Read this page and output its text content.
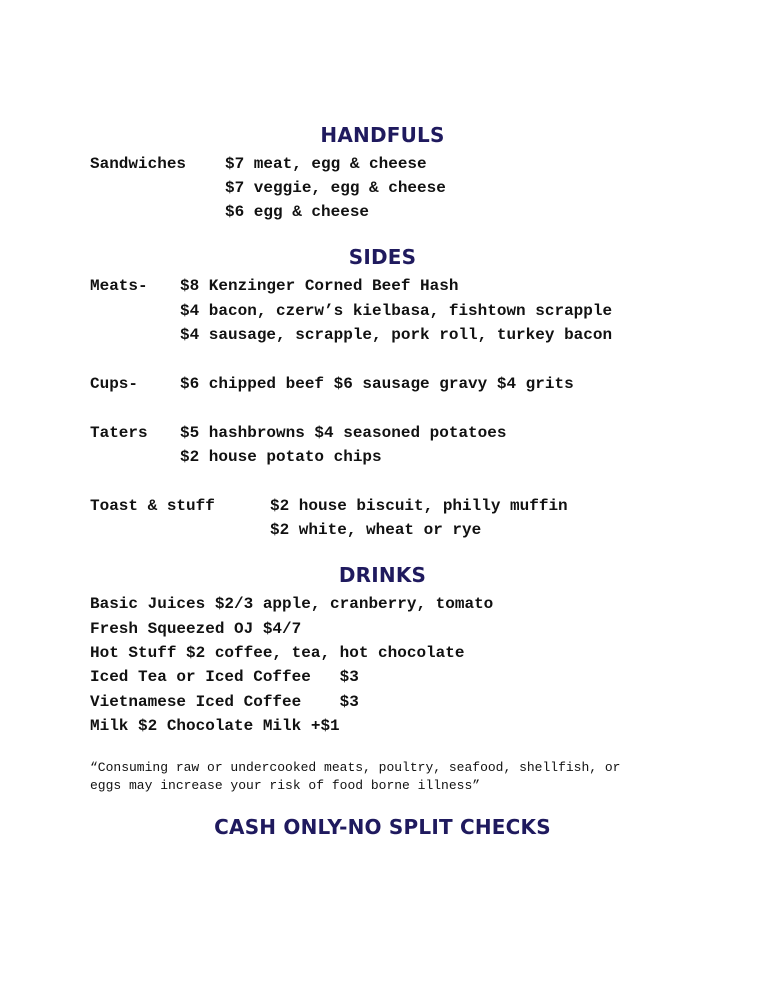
HANDFULS
Sandwiches $7 meat, egg & cheese
$7 veggie, egg & cheese
$6 egg & cheese
SIDES
Meats- $8 Kenzinger Corned Beef Hash
$4 bacon, czerw’s kielbasa, fishtown scrapple
$4 sausage, scrapple, pork roll, turkey bacon
Cups-	$6 chipped beef $6 sausage gravy $4 grits
Taters $5 hashbrowns $4 seasoned potatoes
$2 house potato chips
Toast & stuff	$2 house biscuit, philly muffin
$2 white, wheat or rye
DRINKS
Basic Juices $2/3 apple, cranberry, tomato
Fresh Squeezed OJ $4/7
Hot Stuff $2 coffee, tea, hot chocolate
Iced Tea or Iced Coffee   $3
Vietnamese Iced Coffee    $3
Milk $2 Chocolate Milk +$1
“Consuming raw or undercooked meats, poultry, seafood, shellfish, or
eggs may increase your risk of food borne illness”
CASH ONLY-NO SPLIT CHECKS
